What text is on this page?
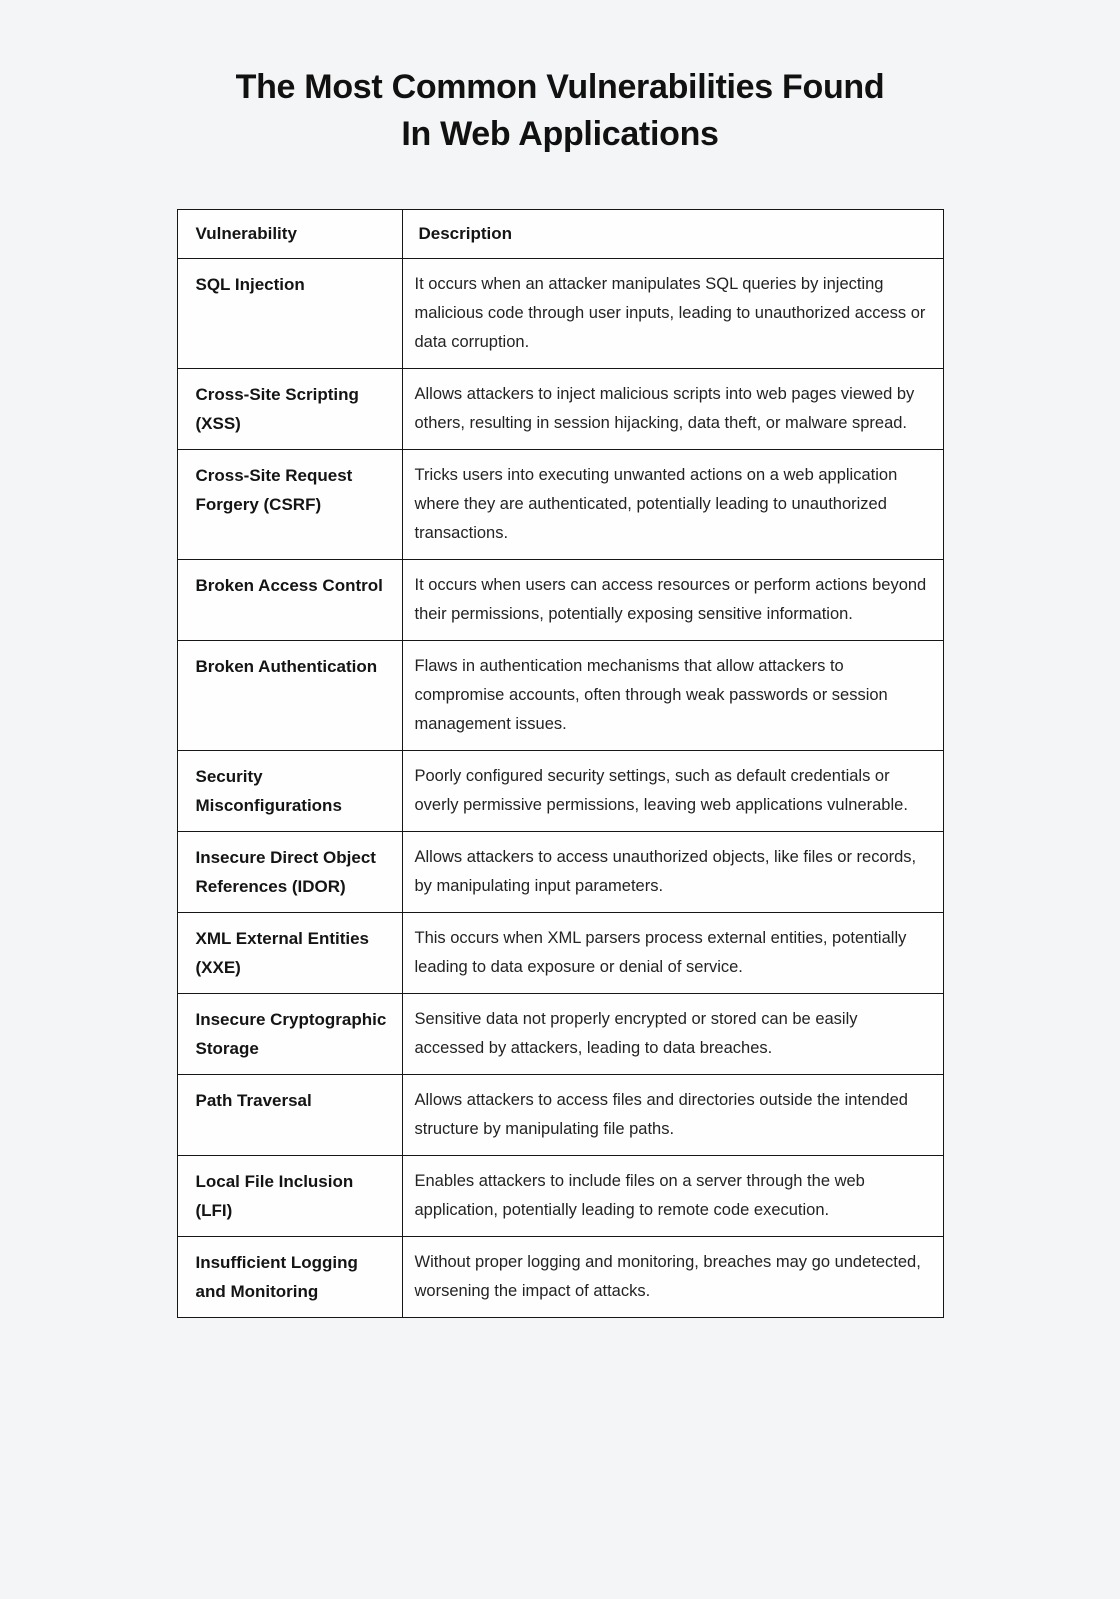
The Most Common Vulnerabilities Found
In Web Applications
Vulnerability	Description
SQL Injection	It occurs when an attacker manipulates SQL queries by injecting malicious code through user inputs, leading to unauthorized access or data corruption.
Cross-Site Scripting (XSS)	Allows attackers to inject malicious scripts into web pages viewed by others, resulting in session hijacking, data theft, or malware spread.
Cross-Site Request Forgery (CSRF)	Tricks users into executing unwanted actions on a web application where they are authenticated, potentially leading to unauthorized transactions.
Broken Access Control	It occurs when users can access resources or perform actions beyond their permissions, potentially exposing sensitive information.
Broken Authentication	Flaws in authentication mechanisms that allow attackers to compromise accounts, often through weak passwords or session management issues.
Security Misconfigurations	Poorly configured security settings, such as default credentials or overly permissive permissions, leaving web applications vulnerable.
Insecure Direct Object References (IDOR)	Allows attackers to access unauthorized objects, like files or records, by manipulating input parameters.
XML External Entities (XXE)	This occurs when XML parsers process external entities, potentially leading to data exposure or denial of service.
Insecure Cryptographic Storage	Sensitive data not properly encrypted or stored can be easily accessed by attackers, leading to data breaches.
Path Traversal	Allows attackers to access files and directories outside the intended structure by manipulating file paths.
Local File Inclusion (LFI)	Enables attackers to include files on a server through the web application, potentially leading to remote code execution.
Insufficient Logging and Monitoring	Without proper logging and monitoring, breaches may go undetected, worsening the impact of attacks.
